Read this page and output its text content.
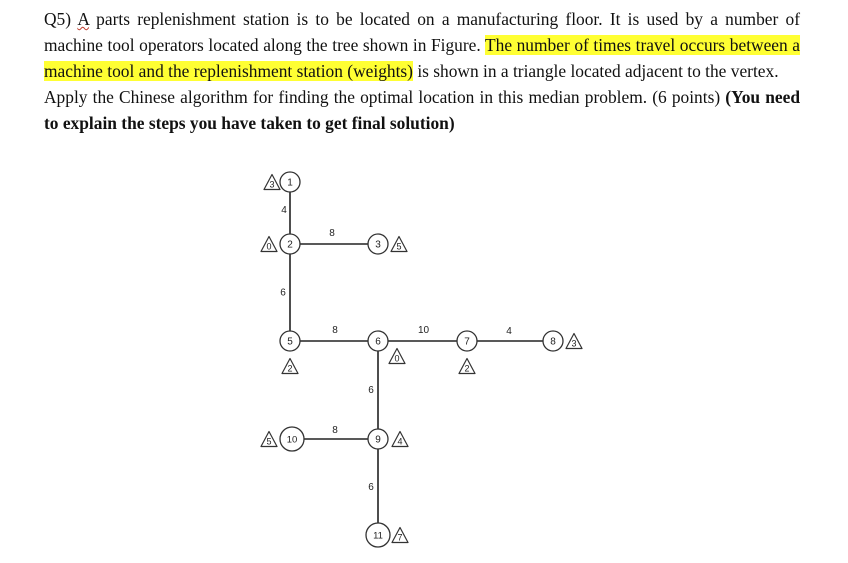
Q5) A parts replenishment station is to be located on a manufacturing floor. It is used by a number of machine tool operators located along the tree shown in Figure. The number of times travel occurs between a machine tool and the replenishment station (weights) is shown in a triangle located adjacent to the vertex.

Apply the Chinese algorithm for finding the optimal location in this median problem. (6 points) (You need to explain the steps you have taken to get final solution)

4
8
6
8	10	4
6
8
6
1
3
2
0	3 5
5
2
6
0
7
2
8 3
10
5	9 4
11 7
